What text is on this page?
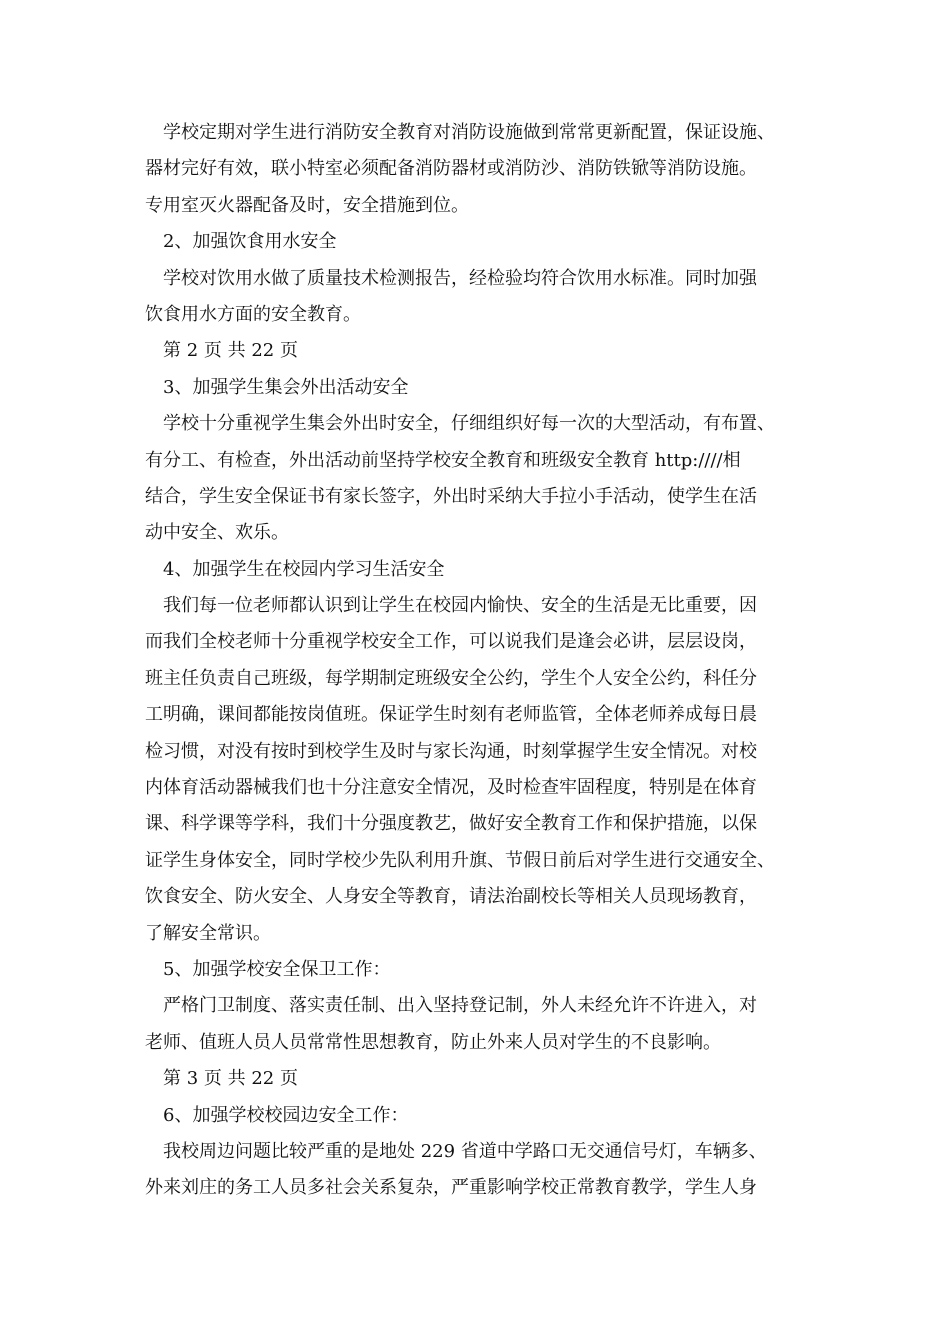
学校定期对学生进行消防安全教育对消防设施做到常常更新配置，保证设施、
器材完好有效，联小特室必须配备消防器材或消防沙、消防铁锨等消防设施。
专用室灭火器配备及时，安全措施到位。
2、加强饮食用水安全
学校对饮用水做了质量技术检测报告，经检验均符合饮用水标准。同时加强
饮食用水方面的安全教育。
第 2 页 共 22 页
3、加强学生集会外出活动安全
学校十分重视学生集会外出时安全，仔细组织好每一次的大型活动，有布置、
有分工、有检查，外出活动前坚持学校安全教育和班级安全教育 http:////相
结合，学生安全保证书有家长签字，外出时采纳大手拉小手活动，使学生在活
动中安全、欢乐。
4、加强学生在校园内学习生活安全
我们每一位老师都认识到让学生在校园内愉快、安全的生活是无比重要，因
而我们全校老师十分重视学校安全工作，可以说我们是逢会必讲，层层设岗，
班主任负责自己班级，每学期制定班级安全公约，学生个人安全公约，科任分
工明确，课间都能按岗值班。保证学生时刻有老师监管，全体老师养成每日晨
检习惯，对没有按时到校学生及时与家长沟通，时刻掌握学生安全情况。对校
内体育活动器械我们也十分注意安全情况，及时检查牢固程度，特别是在体育
课、科学课等学科，我们十分强度教艺，做好安全教育工作和保护措施，以保
证学生身体安全，同时学校少先队利用升旗、节假日前后对学生进行交通安全、
饮食安全、防火安全、人身安全等教育，请法治副校长等相关人员现场教育，
了解安全常识。
5、加强学校安全保卫工作：
严格门卫制度、落实责任制、出入坚持登记制，外人未经允许不许进入，对
老师、值班人员人员常常性思想教育，防止外来人员对学生的不良影响。
第 3 页 共 22 页
6、加强学校校园边安全工作：
我校周边问题比较严重的是地处 229 省道中学路口无交通信号灯，车辆多、
外来刘庄的务工人员多社会关系复杂，严重影响学校正常教育教学，学生人身
